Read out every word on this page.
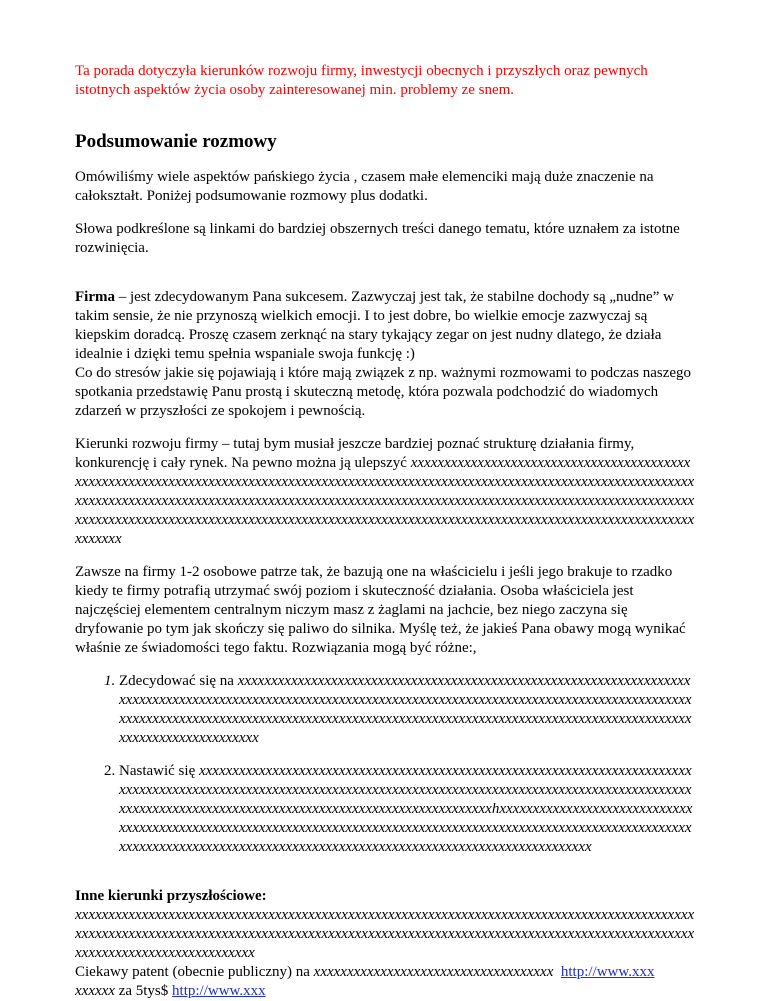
Ta porada dotyczyła kierunków rozwoju firmy, inwestycji obecnych i przyszłych oraz pewnych istotnych aspektów życia osoby zainteresowanej min. problemy ze snem.

Podsumowanie rozmowy

Omówiliśmy wiele aspektów pańskiego życia , czasem małe elemenciki mają duże znaczenie na całokształt. Poniżej podsumowanie rozmowy plus dodatki.

Słowa podkreślone są linkami do bardziej obszernych treści danego tematu, które uznałem za istotne rozwinięcia.

Firma – jest zdecydowanym Pana sukcesem. Zazwyczaj jest tak, że stabilne dochody są „nudne” w takim sensie, że nie przynoszą wielkich emocji. I to jest dobre, bo wielkie emocje zazwyczaj są kiepskim doradcą. Proszę czasem zerknąć na stary tykający zegar on jest nudny dlatego, że działa idealnie i dzięki temu spełnia wspaniale swoja funkcję :)
Co do stresów jakie się pojawiają i które mają związek z np. ważnymi rozmowami to podczas naszego spotkania przedstawię Panu prostą i skuteczną metodę, która pozwala podchodzić do wiadomych zdarzeń w przyszłości ze spokojem i pewnością.

Kierunki rozwoju firmy – tutaj bym musiał jeszcze bardziej poznać strukturę działania firmy, konkurencję i cały rynek. Na pewno można ją ulepszyć xxxxxxxxxxxxxxxxxxxxxxxxxxxxxxxxxxxxxxxxxxxxxxxxxxxxxxxxxxxxxxxxxxxxxxxxxxxxxxxxxxxxxxxxxxxxxxxxxxxxxxxxxxxxxxxxxxxxxxxxxxxxxxxxxxxxxxxxxxxxxxxxxxxxxxxxxxxxxxxxxxxxxxxxxxxxxxxxxxxxxxxxxxxxxxxxxxxxxxxxxxxxxxxxxxxxxxxxxxxxxxxxxxxxxxxxxxxxxxxxxxxxxxxxxxxxxxxxxxxxxxxxxxxxxxxxxxxxxxxxxxxxxxxxxxxxxxxxxxxxxxxxxxxxxxxxxxxxxxxxxxxxxxxx

Zawsze na firmy 1-2 osobowe patrze tak, że bazują one na właścicielu i jeśli jego brakuje to rzadko kiedy te firmy potrafią utrzymać swój poziom i skuteczność działania. Osoba właściciela jest najczęściej elementem centralnym niczym masz z żaglami na jachcie, bez niego zaczyna się dryfowanie po tym jak skończy się paliwo do silnika. Myślę też, że jakieś Pana obawy mogą wynikać właśnie ze świadomości tego faktu. Rozwiązania mogą być różne:,

1. Zdecydować się na xxxxxxxxxxxxxxxxxxxxxxxxxxxxxxxxxxxxxxxxxxxxxxxxxxxxxxxxxxxxxxxxxxxxxxxxxxxxxxxxxxxxxxxxxxxxxxxxxxxxxxxxxxxxxxxxxxxxxxxxxxxxxxxxxxxxxxxxxxxxxxxxxxxxxxxxxxxxxxxxxxxxxxxxxxxxxxxxxxxxxxxxxxxxxxxxxxxxxxxxxxxxxxxxxxxxxxxxxxxxxxxxxxxxxxxxxxxxxxxxxxxxxxxxxxxxxxxxxxxxx
2. Nastawić się xxxxxxxxxxxxxxxxxxxxxxxxxxxxxxxxxxxxxxxxxxxxxxxxxxxxxxxxxxxxxxxxxxxxxxxxxxxxxxxxxxxxxxxxxxxxxxxxxxxxxxxxxxxxxxxxxxxxxxxxxxxxxxxxxxxxxxxxxxxxxxxxxxxxxxxxxxxxxxxxxxxxxxxxxxxxxxxxxxxxxxxxxxxxxxxxxxxxxxxxxxxxxxxxxxxxxxxxhxxxxxxxxxxxxxxxxxxxxxxxxxxxxxxxxxxxxxxxxxxxxxxxxxxxxxxxxxxxxxxxxxxxxxxxxxxxxxxxxxxxxxxxxxxxxxxxxxxxxxxxxxxxxxxxxxxxxxxxxxxxxxxxxxxxxxxxxxxxxxxxxxxxxxxxxxxxxxxxxxxxxxxxxxxxxxxxxxxxxxxxxxx

Inne kierunki przyszłościowe:
xxxxxxxxxxxxxxxxxxxxxxxxxxxxxxxxxxxxxxxxxxxxxxxxxxxxxxxxxxxxxxxxxxxxxxxxxxxxxxxxxxxxxxxxxxxxxxxxxxxxxxxxxxxxxxxxxxxxxxxxxxxxxxxxxxxxxxxxxxxxxxxxxxxxxxxxxxxxxxxxxxxxxxxxxxxxxxxxxxxxxxxxxxxxxxxxxxxxxxxxxxxxxxxxxxxxx
Ciekawy patent (obecnie publiczny) na xxxxxxxxxxxxxxxxxxxxxxxxxxxxxxxxxxxx http://www.xxx
xxxxxx za 5tys$ http://www.xxx
